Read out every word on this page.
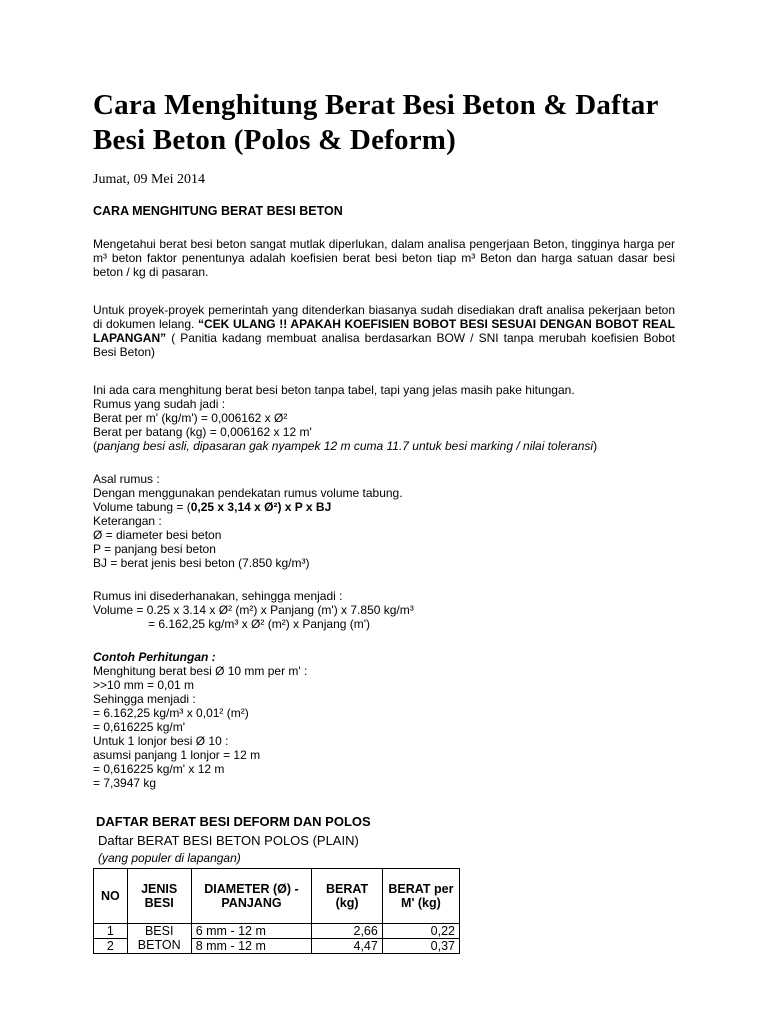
Cara Menghitung Berat Besi Beton & Daftar Besi Beton (Polos & Deform)
Jumat, 09 Mei 2014
CARA MENGHITUNG BERAT BESI BETON

Mengetahui berat besi beton sangat mutlak diperlukan, dalam analisa pengerjaan Beton, tingginya harga per m³ beton faktor penentunya adalah koefisien berat besi beton tiap m³ Beton dan harga satuan dasar besi beton / kg di pasaran.

Untuk proyek-proyek pemerintah yang ditenderkan biasanya sudah disediakan draft analisa pekerjaan beton di dokumen lelang. “CEK ULANG !! APAKAH KOEFISIEN BOBOT BESI SESUAI DENGAN BOBOT REAL LAPANGAN” ( Panitia kadang membuat analisa berdasarkan BOW / SNI tanpa merubah koefisien Bobot Besi Beton)

Ini ada cara menghitung berat besi beton tanpa tabel, tapi yang jelas masih pake hitungan.
Rumus yang sudah jadi :
Berat per m' (kg/m') = 0,006162 x Ø²
Berat per batang (kg) = 0,006162 x 12 m'
(panjang besi asli, dipasaran gak nyampek 12 m cuma 11.7 untuk besi marking / nilai toleransi)
Asal rumus :
Dengan menggunakan pendekatan rumus volume tabung.
Volume tabung = (0,25 x 3,14 x Ø²) x P x BJ
Keterangan :
Ø = diameter besi beton
P = panjang besi beton
BJ = berat jenis besi beton (7.850 kg/m³)
Rumus ini disederhanakan, sehingga menjadi :
Volume = 0.25 x 3.14 x Ø² (m²) x Panjang (m') x 7.850 kg/m³
= 6.162,25 kg/m³ x Ø² (m²) x Panjang (m')
Contoh Perhitungan :
Menghitung berat besi Ø 10 mm per m' :
>>10 mm = 0,01 m
Sehingga menjadi :
= 6.162,25 kg/m³ x 0,01² (m²)
= 0,616225 kg/m'
Untuk 1 lonjor besi Ø 10 :
asumsi panjang 1 lonjor = 12 m
= 0,616225 kg/m' x 12 m
= 7,3947 kg
DAFTAR BERAT BESI DEFORM DAN POLOS
Daftar BERAT BESI BETON POLOS (PLAIN)
(yang populer di lapangan)
NO	JENIS BESI	DIAMETER (Ø) - PANJANG	BERAT (kg)	BERAT per M' (kg)
1	BESI BETON	6 mm - 12 m	2,66	0,22
2		8 mm - 12 m	4,47	0,37
